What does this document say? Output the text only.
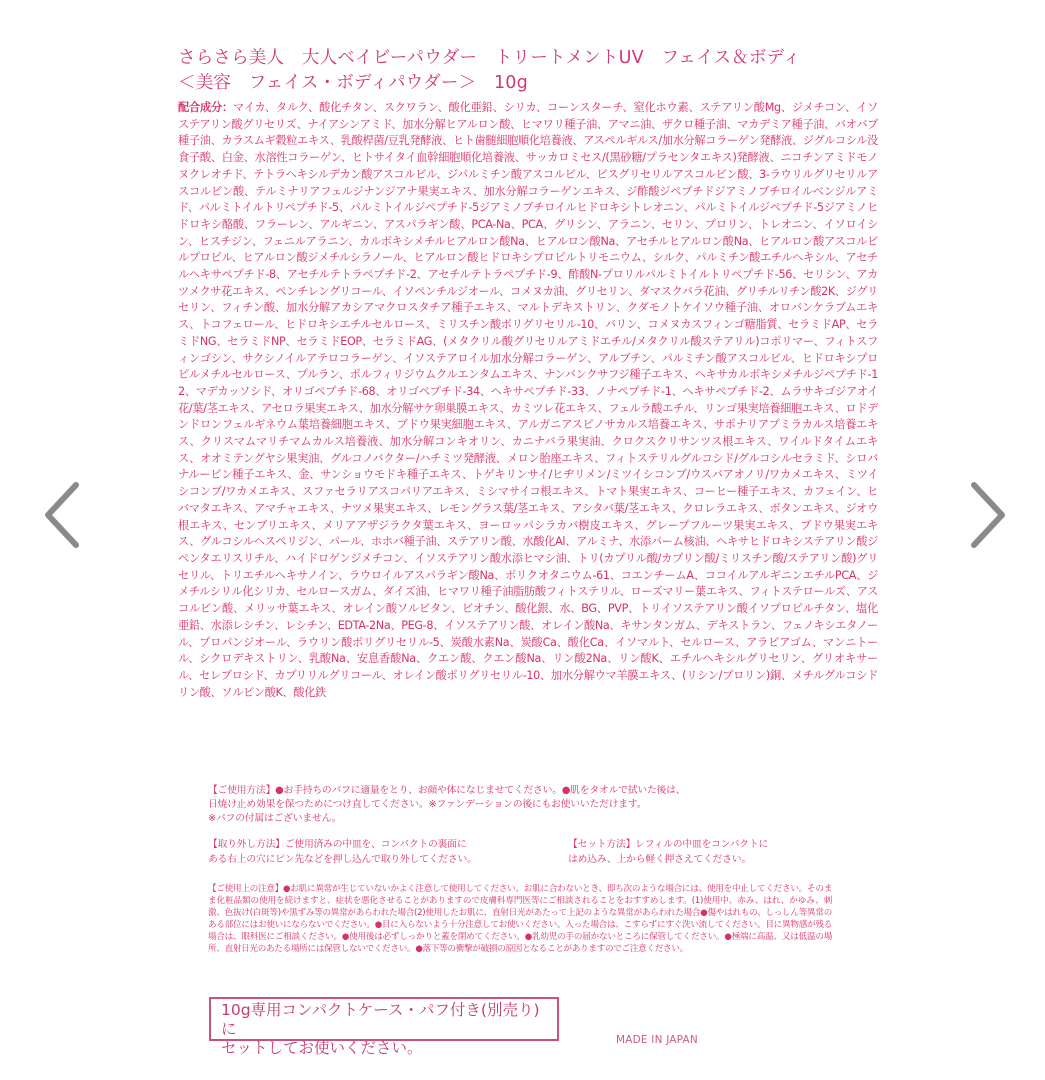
さらさら美人　大人ベイビーパウダー　トリートメントUV　フェイス＆ボディ
＜美容　フェイス・ボディパウダー＞　10g
配合成分：マイカ、タルク、酸化チタン、スクワラン、酸化亜鉛、シリカ、コーンスターチ、窒化ホウ素、ステアリン酸Mg、ジメチコン、イソステアリン酸グリセリズ、ナイアシンアミド、加水分解ヒアルロン酸、ヒマワリ種子油、アマニ油、ザクロ種子油、マカデミア種子油、バオバブ種子油、カラスムギ穀粒エキス、乳酸桿菌/豆乳発酵液、ヒト歯髄細胞順化培養液、アスペルギルス/加水分解コラーゲン発酵液、ジグルコシル没食子酸、白金、水溶性コラーゲン、ヒトサイタイ血幹細胞順化培養液、サッカロミセス/(黒砂糖/プラセンタエキス)発酵液、ニコチンアミドモノヌクレオチド、テトラヘキシルデカン酸アスコルビル、ジパルミチン酸アスコルビル、ビスグリセリルアスコルビン酸、3-ラウリルグリセリルアスコルビン酸、テルミナリアフェルジナンジアナ果実エキス、加水分解コラーゲンエキス、ジ酢酸ジペプチドジアミノブチロイルベンジルアミド、パルミトイルトリペプチド-5、パルミトイルジペプチド-5ジアミノブチロイルヒドロキシトレオニン、パルミトイルジペプチド-5ジアミノヒドロキシ酪酸、フラーレン、アルギニン、アスパラギン酸、PCA-Na、PCA、グリシン、アラニン、セリン、プロリン、トレオニン、イソロイシン、ヒスチジン、フェニルアラニン、カルボキシメチルヒアルロン酸Na、ヒアルロン酸Na、アセチルヒアルロン酸Na、ヒアルロン酸アスコルビルプロピル、ヒアルロン酸ジメチルシラノール、ヒアルロン酸ヒドロキシプロピルトリモニウム、シルク、パルミチン酸エチルヘキシル、アセチルヘキサペプチド-8、アセチルテトラペプチド-2、アセチルテトラペプチド-9、酢酸N-プロリルパルミトイルトリペプチド-56、セリシン、アカツメクサ花エキス、ペンチレングリコール、イソペンチルジオール、コメヌカ油、グリセリン、ダマスクバラ花油、グリチルリチン酸2K、ジグリセリン、フィチン酸、加水分解アカシアマクロスタチア種子エキス、マルトデキストリン、クダモノトケイソウ種子油、オロバンケラブムエキス、トコフェロール、ヒドロキシエチルセルロース、ミリスチン酸ポリグリセリル-10、バリン、コメヌカスフィンゴ糖脂質、セラミドAP、セラミドNG、セラミドNP、セラミドEOP、セラミドAG、(メタクリル酸グリセリルアミドエチル/メタクリル酸ステアリル)コポリマー、フィトスフィンゴシン、サクシノイルアテロコラーゲン、イソステアロイル加水分解コラーゲン、アルブチン、パルミチン酸アスコルビル、ヒドロキシプロピルメチルセルロース、プルラン、ポルフィリジウムクルエンタムエキス、ナンバンクサフジ種子エキス、ヘキサカルボキシメチルジペプチド-12、マデカッソシド、オリゴペプチド-68、オリゴペプチド-34、ヘキサペプチド-33、ノナペプチド-1、ヘキサペプチド-2、ムラサキゴジアオイ花/葉/茎エキス、アセロラ果実エキス、加水分解サケ卵巣膜エキス、カミツレ花エキス、フェルラ酸エチル、リンゴ果実培養細胞エキス、ロドデンドロンフェルギネウム葉培養細胞エキス、ブドウ果実細胞エキス、アルガニアスピノサカルス培養エキス、サポナリアプミラカルス培養エキス、クリスマムマリチマムカルス培養液、加水分解コンキオリン、カニナバラ果実油、クロクスクリサンツス根エキス、ワイルドタイムエキス、オオミテングヤシ果実油、グルコノバクター/ハチミツ発酵液、メロン胎座エキス、フィトステリルグルコシド/グルコシルセラミド、シロバナルーピン種子エキス、金、サンショウモドキ種子エキス、トゲキリンサイ/ヒヂリメン/ミツイシコンブ/ウスバアオノリ/ワカメエキス、ミツイシコンブ/ワカメエキス、スファセラリアスコパリアエキス、ミシマサイコ根エキス、トマト果実エキス、コーヒー種子エキス、カフェイン、ヒバマタエキス、アマチャエキス、ナツメ果実エキス、レモングラス葉/茎エキス、アシタバ葉/茎エキス、クロレラエキス、ボタンエキス、ジオウ根エキス、センブリエキス、メリアアザジラクタ葉エキス、ヨーロッパシラカバ樹皮エキス、グレープフルーツ果実エキス、ブドウ果実エキス、グルコシルヘスペリジン、パール、ホホバ種子油、ステアリン酸、水酸化Al、アルミナ、水添パーム核油、ヘキサヒドロキシステアリン酸ジペンタエリスリチル、ハイドロゲンジメチコン、イソステアリン酸水添ヒマシ油、トリ(カプリル酸/カプリン酸/ミリスチン酸/ステアリン酸)グリセリル、トリエチルヘキサノイン、ラウロイルアスパラギン酸Na、ポリクオタニウム-61、コエンチームA、ココイルアルギニンエチルPCA、ジメチルシリル化シリカ、セルロースガム、ダイズ油、ヒマワリ種子油脂肪酸フィトステリル、ローズマリー葉エキス、フィトステロールズ、アスコルビン酸、メリッサ葉エキス、オレイン酸ソルビタン、ビオチン、酸化銀、水、BG、PVP、トリイソステアリン酸イソプロピルチタン、塩化亜鉛、水添レシチン、レシチン、EDTA-2Na、PEG-8、イソステアリン酸、オレイン酸Na、キサンタンガム、デキストラン、フェノキシエタノール、プロパンジオール、ラウリン酸ポリグリセリル-5、炭酸水素Na、炭酸Ca、酸化Ca、イソマルト、セルロース、アラビアゴム、マンニトール、シクロデキストリン、乳酸Na、安息香酸Na、クエン酸、クエン酸Na、リン酸2Na、リン酸K、エチルヘキシルグリセリン、グリオキサール、セレブロシド、カプリリルグリコール、オレイン酸ポリグリセリル-10、加水分解ウマ羊膜エキス、(リシン/プロリン)銅、メチルグルコシドリン酸、ソルビン酸K、酸化鉄
【ご使用方法】●お手持ちのパフに適量をとり、お顔や体になじませてください。●肌をタオルで拭いた後は、
日焼け止め効果を保つためにつけ直してください。※ファンデーションの後にもお使いいただけます。
※パフの付属はございません。
【取り外し方法】ご使用済みの中皿を、コンパクトの裏面に
ある右上の穴にピン先などを押し込んで取り外してください。
【セット方法】レフィルの中皿をコンパクトに
はめ込み、上から軽く押さえてください。
【ご使用上の注意】●お肌に異常が生じていないかよく注意して使用してください。お肌に合わないとき、即ち次のような場合には、使用を中止してください。そのまま化粧品類の使用を続けますと、症状を悪化させることがありますので皮膚科専門医等にご相談されることをおすすめします。(1)使用中、赤み、はれ、かゆみ、刺激、色抜け(白斑等)や黒ずみ等の異常があらわれた場合(2)使用したお肌に、直射日光があたって上記のような異常があらわれた場合●傷やはれもの、しっしん等異常のある部位にはお使いにならないでください。●目に入らないよう十分注意してお使いください。入った場合は、こすらずにすぐ洗い流してください。目に異物感が残る場合は、眼科医にご相談ください。●使用後は必ずしっかりと蓋を閉めてください。●乳幼児の手の届かないところに保管してください。●極端に高温、又は低温の場所、直射日光のあたる場所には保管しないでください。●落下等の衝撃が破損の原因となることがありますのでご注意ください。
10g専用コンパクトケース・パフ付き(別売り)に
セットしてお使いください。	MADE IN JAPAN
